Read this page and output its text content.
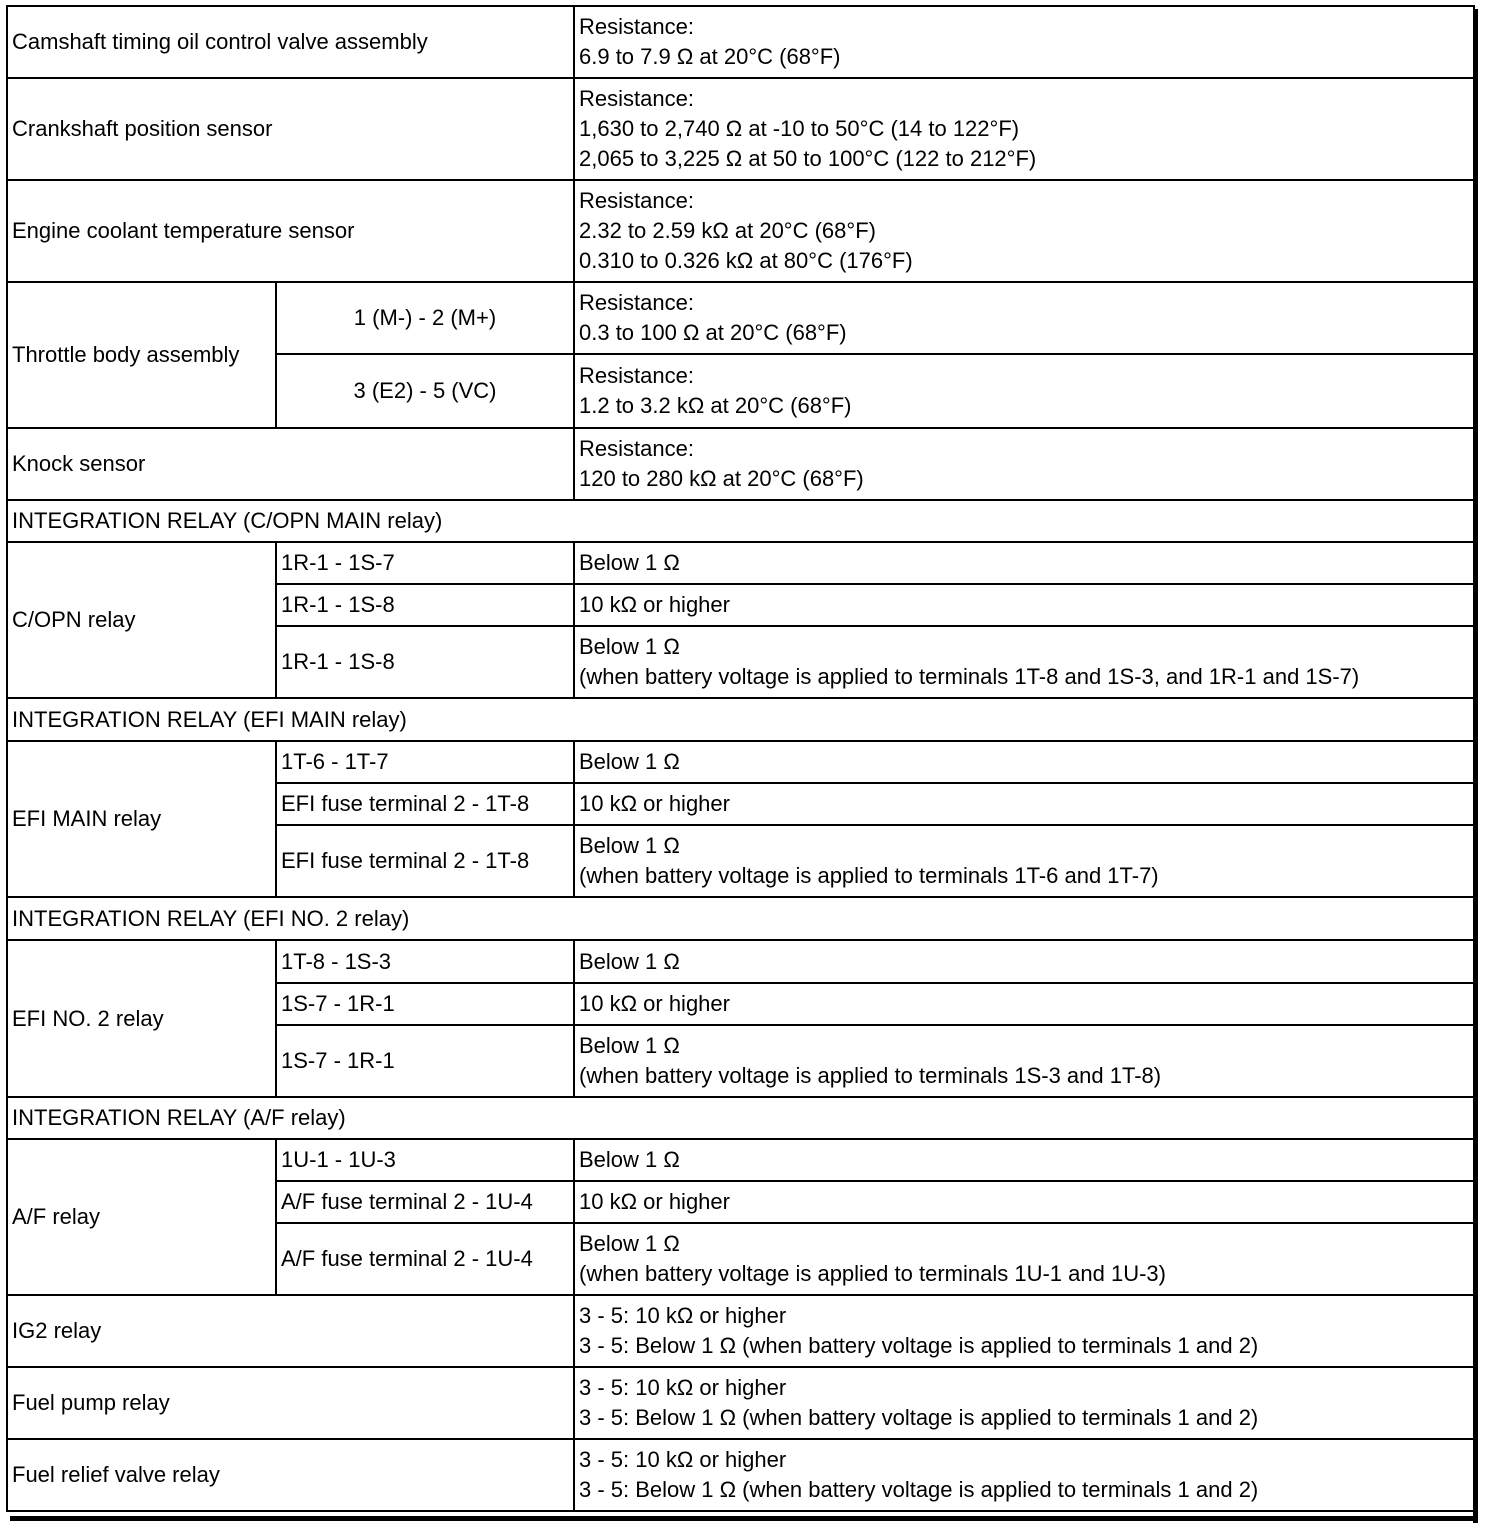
Camshaft timing oil control valve assembly		Resistance:
6.9 to 7.9 Ω at 20°C (68°F)

Crankshaft position sensor		Resistance:
1,630 to 2,740 Ω at -10 to 50°C (14 to 122°F)
2,065 to 3,225 Ω at 50 to 100°C (122 to 212°F)

Engine coolant temperature sensor		Resistance:
2.32 to 2.59 kΩ at 20°C (68°F)
0.310 to 0.326 kΩ at 80°C (176°F)

Throttle body assembly	1 (M-) - 2 (M+)	Resistance:
0.3 to 100 Ω at 20°C (68°F)

	3 (E2) - 5 (VC)	Resistance:
1.2 to 3.2 kΩ at 20°C (68°F)

Knock sensor		Resistance:
120 to 280 kΩ at 20°C (68°F)

INTEGRATION RELAY (C/OPN MAIN relay)		
C/OPN relay	1R-1 - 1S-7	Below 1 Ω
	1R-1 - 1S-8	10 kΩ or higher
	1R-1 - 1S-8	Below 1 Ω
(when battery voltage is applied to terminals 1T-8 and 1S-3, and 1R-1 and 1S-7)

INTEGRATION RELAY (EFI MAIN relay)		
EFI MAIN relay	1T-6 - 1T-7	Below 1 Ω
	EFI fuse terminal 2 - 1T-8	10 kΩ or higher
	EFI fuse terminal 2 - 1T-8	Below 1 Ω
(when battery voltage is applied to terminals 1T-6 and 1T-7)

INTEGRATION RELAY (EFI NO. 2 relay)		
EFI NO. 2 relay	1T-8 - 1S-3	Below 1 Ω
	1S-7 - 1R-1	10 kΩ or higher
	1S-7 - 1R-1	Below 1 Ω
(when battery voltage is applied to terminals 1S-3 and 1T-8)

INTEGRATION RELAY (A/F relay)		
A/F relay	1U-1 - 1U-3	Below 1 Ω
	A/F fuse terminal 2 - 1U-4	10 kΩ or higher
	A/F fuse terminal 2 - 1U-4	Below 1 Ω
(when battery voltage is applied to terminals 1U-1 and 1U-3)

IG2 relay		3 - 5: 10 kΩ or higher
3 - 5: Below 1 Ω (when battery voltage is applied to terminals 1 and 2)

Fuel pump relay		3 - 5: 10 kΩ or higher
3 - 5: Below 1 Ω (when battery voltage is applied to terminals 1 and 2)

Fuel relief valve relay		3 - 5: 10 kΩ or higher
3 - 5: Below 1 Ω (when battery voltage is applied to terminals 1 and 2)
